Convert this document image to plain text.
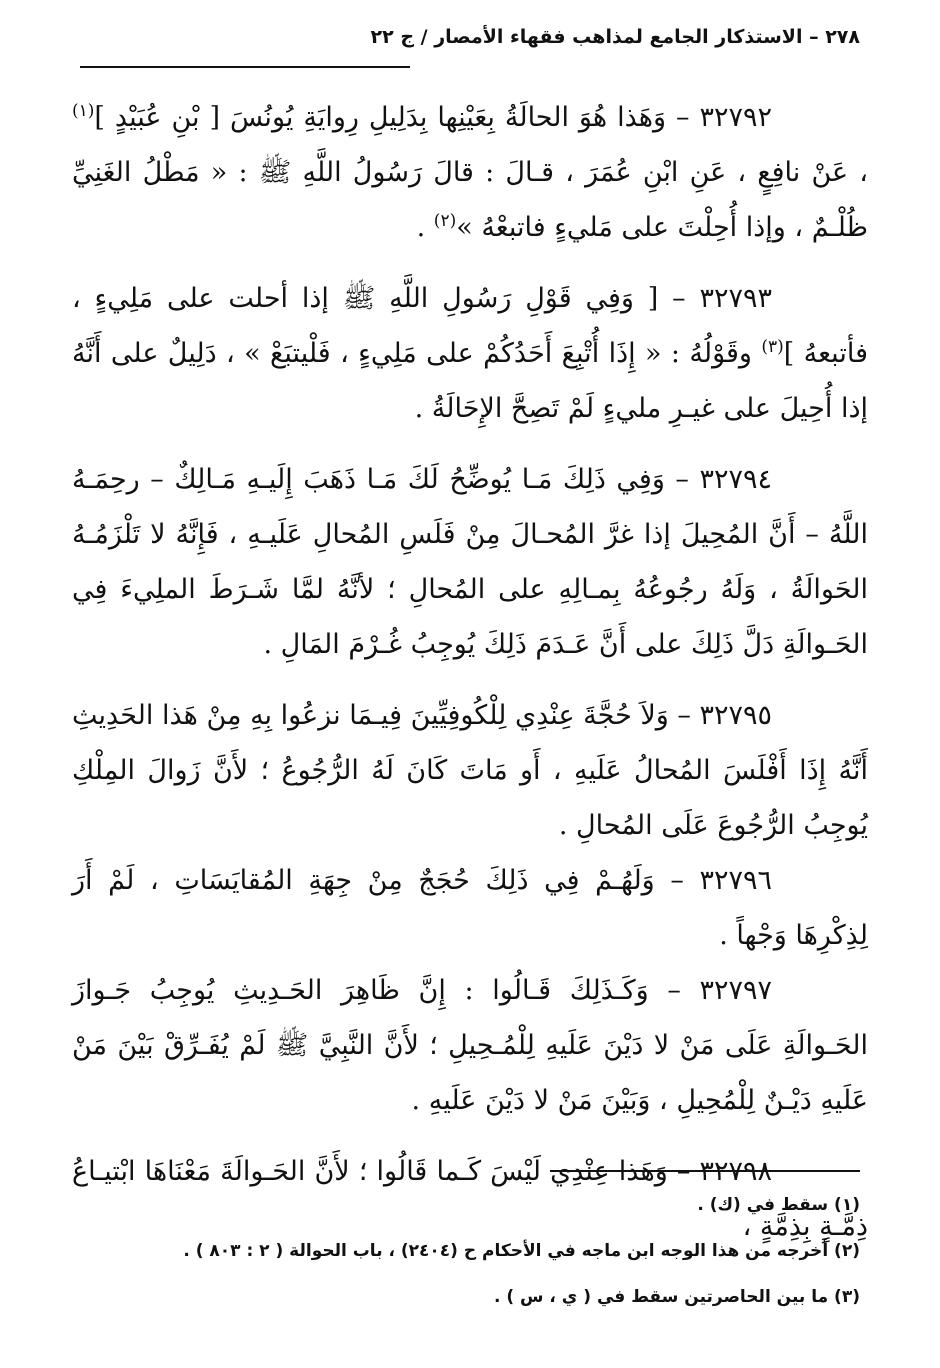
٢٧٨ – الاستذكار الجامع لمذاهب فقهاء الأمصار / ج ٢٢

٣٢٧٩٢ – وَهَذا هُوَ الحالَةُ بِعَيْنِها بِدَلِيلِ رِوايَةِ يُونُسَ [ بْنِ عُبَيْدٍ ]$^{(١)}$ ، عَنْ نافِعٍ ، عَنِ ابْنِ عُمَرَ ، قـالَ : قالَ رَسُولُ اللَّهِ ﷺ : « مَطْلُ الغَنِيِّ ظُلْـمٌ ، وإذا أُحِلْتَ على مَليءٍ فاتبعْهُ »$^{(٢)}$ .

٣٢٧٩٣ – [ وَفِي قَوْلِ رَسُولِ اللَّهِ ﷺ إذا أحلت على مَلِيءٍ ، فأتبعهُ ]$^{(٣)}$ وقَوْلُهُ : « إِذَا أُتْبِعَ أَحَدُكُمْ على مَلِيءٍ ، فَلْيتبَعْ » ، دَلِيلٌ على أَنَّهُ إذا أُحِيلَ على غيـرِ مليءٍ لَمْ تَصِحَّ الإِحَالَةُ .

٣٢٧٩٤ – وَفِي ذَلِكَ مَـا يُوضِّحُ لَكَ مَـا ذَهَبَ إِلَيـهِ مَـالِكٌ – رحِمَـهُ اللَّهُ – أَنَّ المُحِيلَ إذا غرَّ المُحـالَ مِنْ فَلَسِ المُحالِ عَلَيـهِ ، فَإِنَّهُ لا تَلْزَمُـهُ الحَوالَةُ ، وَلَهُ رجُوعُهُ بِمـالِهِ على المُحالِ ؛ لأنَّهُ لمَّا شَـرَطَ الملِيءَ فِي الحَـوالَةِ دَلَّ ذَلِكَ على أَنَّ عَـدَمَ ذَلِكَ يُوجِبُ غُـرْمَ المَالِ .

٣٢٧٩٥ – وَلاَ حُجَّةَ عِنْدِي لِلْكُوفِيِّينَ فِيـمَا نزعُوا بِهِ مِنْ هَذا الحَدِيثِ أَنَّهُ إِذَا أَفْلَسَ المُحالُ عَلَيهِ ، أَو مَاتَ كَانَ لَهُ الرُّجُوعُ ؛ لأَنَّ زَوالَ المِلْكِ يُوجِبُ الرُّجُوعَ عَلَى المُحالِ .

٣٢٧٩٦ – وَلَهُـمْ فِي ذَلِكَ حُجَجٌ مِنْ جِهَةِ المُقايَسَاتِ ، لَمْ أَرَ لِذِكْرِهَا وَجْهاً .

٣٢٧٩٧ – وَكَـذَلِكَ قَـالُوا : إِنَّ ظَاهِرَ الحَـدِيثِ يُوجِبُ جَـوازَ الحَـوالَةِ عَلَى مَنْ لا دَيْنَ عَلَيهِ لِلْمُـحِيلِ ؛ لأَنَّ النَّبِيَّ ﷺ لَمْ يُفَـرِّقْ بَيْنَ مَنْ عَلَيهِ دَيْـنٌ لِلْمُحِيلِ ، وَبَيْنَ مَنْ لا دَيْنَ عَلَيهِ .

٣٢٧٩٨ – وَهَذا عِنْدِي لَيْسَ كَـما قَالُوا ؛ لأَنَّ الحَـوالَةَ مَعْنَاهَا ابْتيـاعُ ذِمَّـةٍ بِذِمَّةٍ ،

(١) سقط في (ك) .

(٢) أخرجه من هذا الوجه ابن ماجه في الأحكام ح (٢٤٠٤) ، باب الحوالة ( ٢ : ٨٠٣ ) .

(٣) ما بين الحاصرتين سقط في ( ي ، س ) .
